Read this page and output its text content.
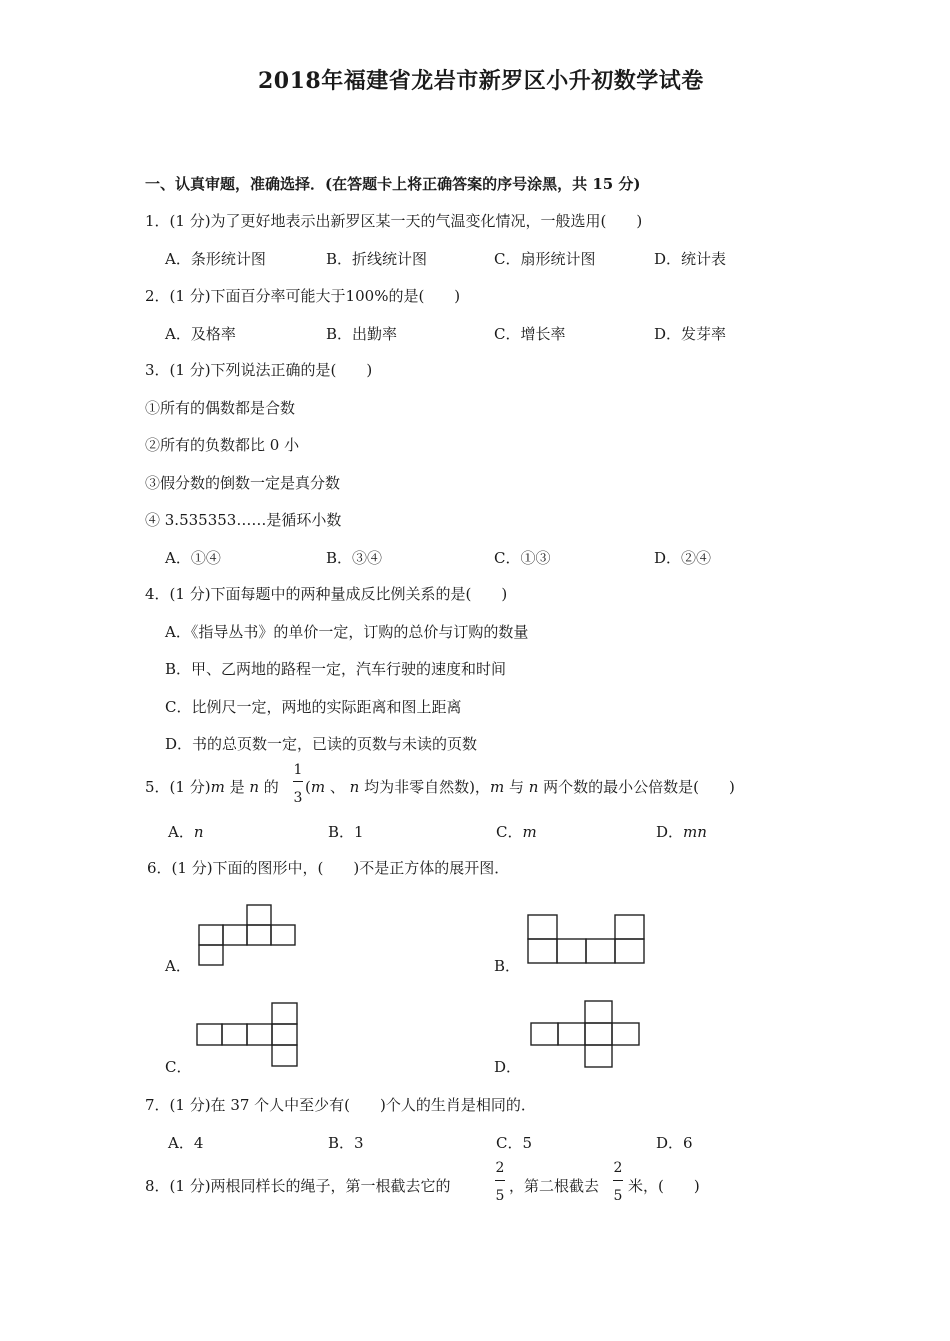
2018年福建省龙岩市新罗区小升初数学试卷
一、认真审题，准确选择．(在答题卡上将正确答案的序号涂黑，共 15 分)
1．(1 分)为了更好地表示出新罗区某一天的气温变化情况，一般选用(　　)
A．条形统计图	B．折线统计图	C．扇形统计图	D．统计表
2．(1 分)下面百分率可能大于100%的是(　　)
A．及格率	B．出勤率	C．增长率	D．发芽率
3．(1 分)下列说法正确的是(　　)
①所有的偶数都是合数
②所有的负数都比 0 小
③假分数的倒数一定是真分数
④ 3.535353……是循环小数
A．①④	B．③④	C．①③	D．②④
4．(1 分)下面每题中的两种量成反比例关系的是(　　)
A．《指导丛书》的单价一定，订购的总价与订购的数量
B．甲、乙两地的路程一定，汽车行驶的速度和时间
C．比例尺一定，两地的实际距离和图上距离
D．书的总页数一定，已读的页数与未读的页数
5．(1 分)m 是 n 的
1
3
(m 、 n 均为非零自然数)，m 与 n 两个数的最小公倍数是(　　)
A．n	B．1	C．m	D．mn
6．(1 分)下面的图形中，(　　)不是正方体的展开图．
A．	B．
C．	D．
7．(1 分)在 37 个人中至少有(　　)个人的生肖是相同的．
A．4	B．3	C．5	D．6
8．(1 分)两根同样长的绳子，第一根截去它的
2
5
，第二根截去
2
5
米，(　　)
